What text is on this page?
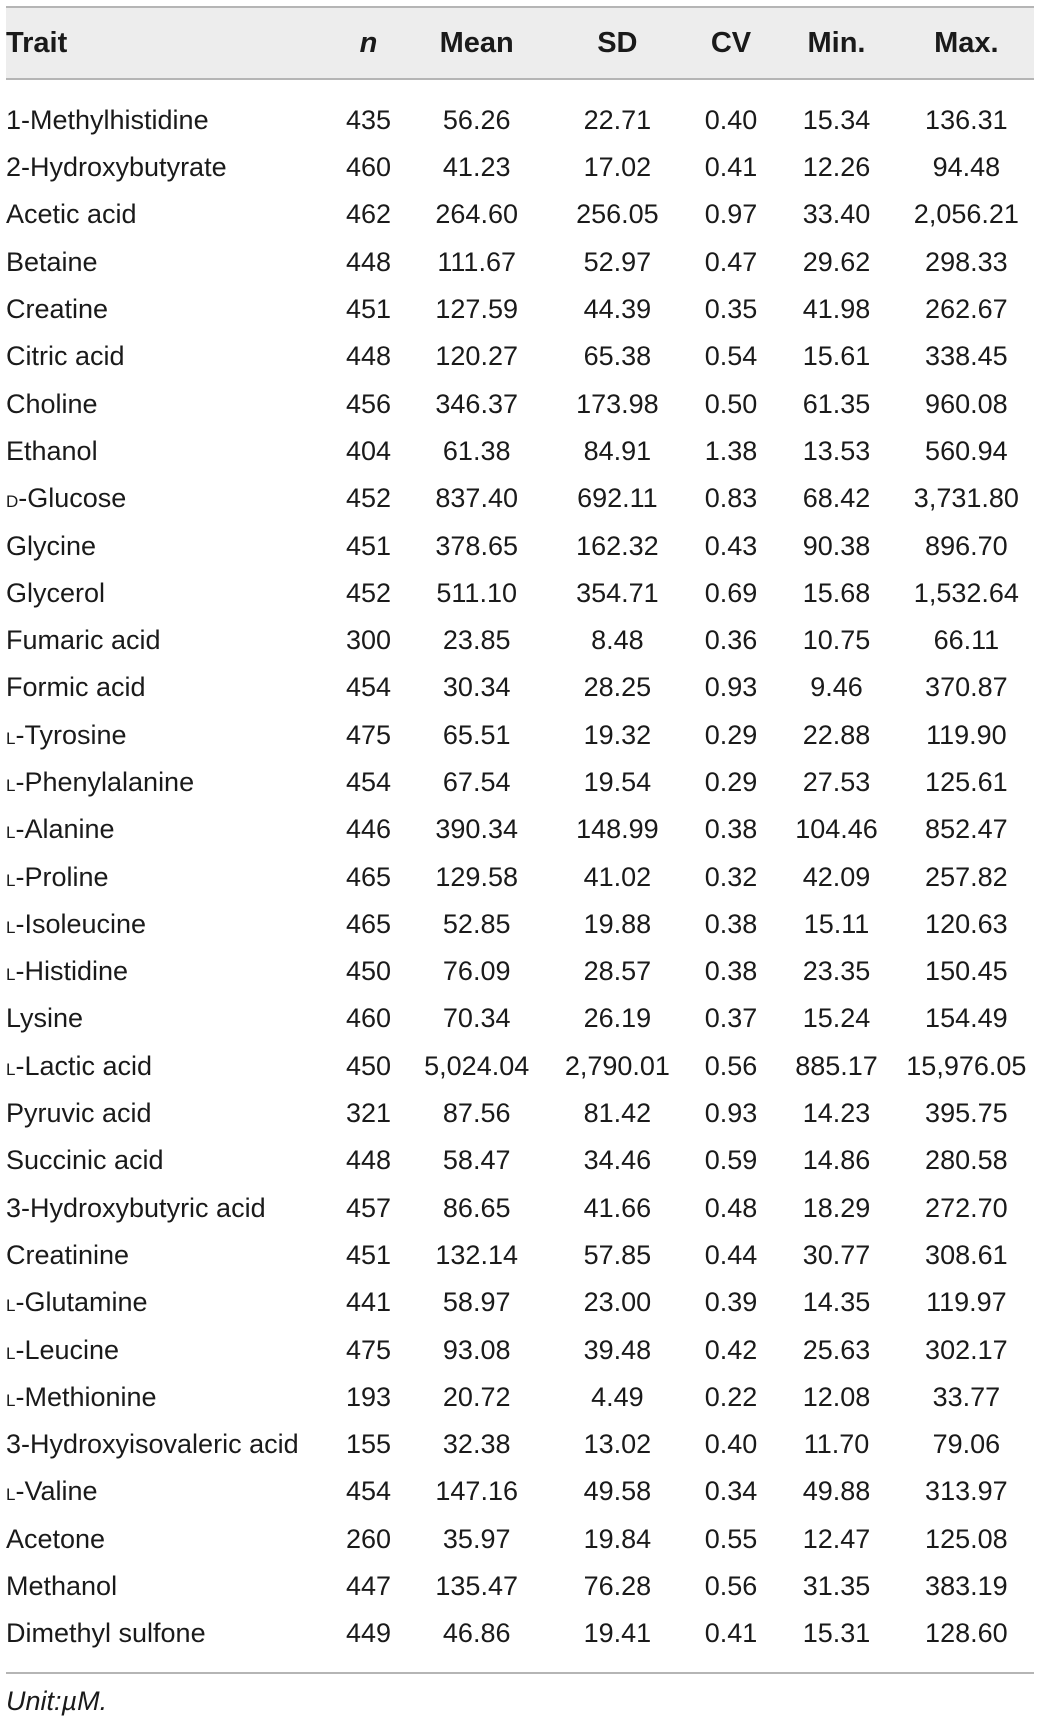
Trait	n	Mean	SD	CV	Min.	Max.
1-Methylhistidine	435	56.26	22.71	0.40	15.34	136.31
2-Hydroxybutyrate	460	41.23	17.02	0.41	12.26	94.48
Acetic acid	462	264.60	256.05	0.97	33.40	2,056.21
Betaine	448	111.67	52.97	0.47	29.62	298.33
Creatine	451	127.59	44.39	0.35	41.98	262.67
Citric acid	448	120.27	65.38	0.54	15.61	338.45
Choline	456	346.37	173.98	0.50	61.35	960.08
Ethanol	404	61.38	84.91	1.38	13.53	560.94
d-Glucose	452	837.40	692.11	0.83	68.42	3,731.80
Glycine	451	378.65	162.32	0.43	90.38	896.70
Glycerol	452	511.10	354.71	0.69	15.68	1,532.64
Fumaric acid	300	23.85	8.48	0.36	10.75	66.11
Formic acid	454	30.34	28.25	0.93	9.46	370.87
l-Tyrosine	475	65.51	19.32	0.29	22.88	119.90
l-Phenylalanine	454	67.54	19.54	0.29	27.53	125.61
l-Alanine	446	390.34	148.99	0.38	104.46	852.47
l-Proline	465	129.58	41.02	0.32	42.09	257.82
l-Isoleucine	465	52.85	19.88	0.38	15.11	120.63
l-Histidine	450	76.09	28.57	0.38	23.35	150.45
Lysine	460	70.34	26.19	0.37	15.24	154.49
l-Lactic acid	450	5,024.04	2,790.01	0.56	885.17	15,976.05
Pyruvic acid	321	87.56	81.42	0.93	14.23	395.75
Succinic acid	448	58.47	34.46	0.59	14.86	280.58
3-Hydroxybutyric acid	457	86.65	41.66	0.48	18.29	272.70
Creatinine	451	132.14	57.85	0.44	30.77	308.61
l-Glutamine	441	58.97	23.00	0.39	14.35	119.97
l-Leucine	475	93.08	39.48	0.42	25.63	302.17
l-Methionine	193	20.72	4.49	0.22	12.08	33.77
3-Hydroxyisovaleric acid	155	32.38	13.02	0.40	11.70	79.06
l-Valine	454	147.16	49.58	0.34	49.88	313.97
Acetone	260	35.97	19.84	0.55	12.47	125.08
Methanol	447	135.47	76.28	0.56	31.35	383.19
Dimethyl sulfone	449	46.86	19.41	0.41	15.31	128.60
Unit:µM.
